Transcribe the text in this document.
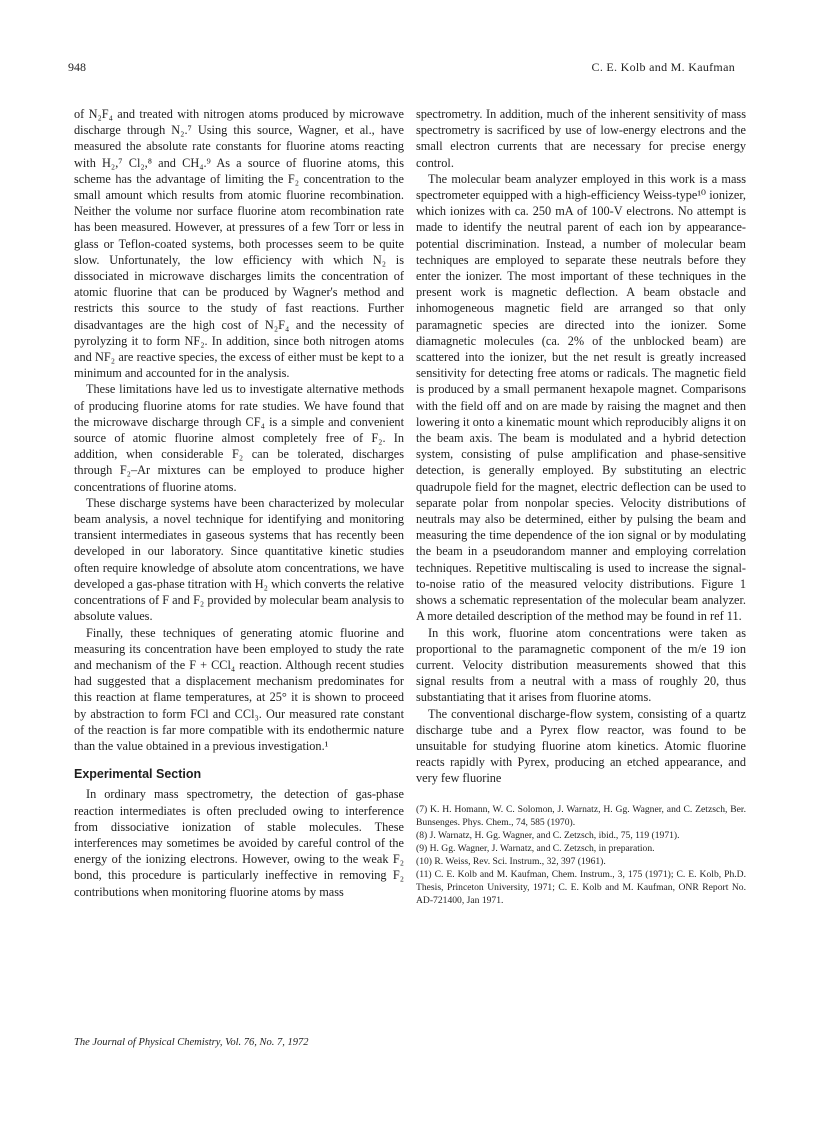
948	C. E. Kolb and M. Kaufman

of N₂F₄ and treated with nitrogen atoms produced by microwave discharge through N₂.⁷ Using this source, Wagner, et al., have measured the absolute rate constants for fluorine atoms reacting with H₂,⁷ Cl₂,⁸ and CH₄.⁹ As a source of fluorine atoms, this scheme has the advantage of limiting the F₂ concentration to the small amount which results from atomic fluorine recombination. Neither the volume nor surface fluorine atom recombination rate has been measured. However, at pressures of a few Torr or less in glass or Teflon-coated systems, both processes seem to be quite slow. Unfortunately, the low efficiency with which N₂ is dissociated in microwave discharges limits the concentration of atomic fluorine that can be produced by Wagner's method and restricts this source to the study of fast reactions. Further disadvantages are the high cost of N₂F₄ and the necessity of pyrolyzing it to form NF₂. In addition, since both nitrogen atoms and NF₂ are reactive species, the excess of either must be kept to a minimum and accounted for in the analysis.

These limitations have led us to investigate alternative methods of producing fluorine atoms for rate studies. We have found that the microwave discharge through CF₄ is a simple and convenient source of atomic fluorine almost completely free of F₂. In addition, when considerable F₂ can be tolerated, discharges through F₂–Ar mixtures can be employed to produce higher concentrations of fluorine atoms.

These discharge systems have been characterized by molecular beam analysis, a novel technique for identifying and monitoring transient intermediates in gaseous systems that has recently been developed in our laboratory. Since quantitative kinetic studies often require knowledge of absolute atom concentrations, we have developed a gas-phase titration with H₂ which converts the relative concentrations of F and F₂ provided by molecular beam analysis to absolute values.

Finally, these techniques of generating atomic fluorine and measuring its concentration have been employed to study the rate and mechanism of the F + CCl₄ reaction. Although recent studies had suggested that a displacement mechanism predominates for this reaction at flame temperatures, at 25° it is shown to proceed by abstraction to form FCl and CCl₃. Our measured rate constant of the reaction is far more compatible with its endothermic nature than the value obtained in a previous investigation.¹

Experimental Section

In ordinary mass spectrometry, the detection of gas-phase reaction intermediates is often precluded owing to interference from dissociative ionization of stable molecules. These interferences may sometimes be avoided by careful control of the energy of the ionizing electrons. However, owing to the weak F₂ bond, this procedure is particularly ineffective in removing F₂ contributions when monitoring fluorine atoms by mass

spectrometry. In addition, much of the inherent sensitivity of mass spectrometry is sacrificed by use of low-energy electrons and the small electron currents that are necessary for precise energy control.

The molecular beam analyzer employed in this work is a mass spectrometer equipped with a high-efficiency Weiss-type¹⁰ ionizer, which ionizes with ca. 250 mA of 100-V electrons. No attempt is made to identify the neutral parent of each ion by appearance-potential discrimination. Instead, a number of molecular beam techniques are employed to separate these neutrals before they enter the ionizer. The most important of these techniques in the present work is magnetic deflection. A beam obstacle and inhomogeneous magnetic field are arranged so that only paramagnetic species are directed into the ionizer. Some diamagnetic molecules (ca. 2% of the unblocked beam) are scattered into the ionizer, but the net result is greatly increased sensitivity for detecting free atoms or radicals. The magnetic field is produced by a small permanent hexapole magnet. Comparisons with the field off and on are made by raising the magnet and then lowering it onto a kinematic mount which reproducibly aligns it on the beam axis. The beam is modulated and a hybrid detection system, consisting of pulse amplification and phase-sensitive detection, is generally employed. By substituting an electric quadrupole field for the magnet, electric deflection can be used to separate polar from nonpolar species. Velocity distributions of neutrals may also be determined, either by pulsing the beam and measuring the time dependence of the ion signal or by modulating the beam in a pseudorandom manner and employing correlation techniques. Repetitive multiscaling is used to increase the signal-to-noise ratio of the measured velocity distributions. Figure 1 shows a schematic representation of the molecular beam analyzer. A more detailed description of the method may be found in ref 11.

In this work, fluorine atom concentrations were taken as proportional to the paramagnetic component of the m/e 19 ion current. Velocity distribution measurements showed that this signal results from a neutral with a mass of roughly 20, thus substantiating that it arises from fluorine atoms.

The conventional discharge-flow system, consisting of a quartz discharge tube and a Pyrex flow reactor, was found to be unsuitable for studying fluorine atom kinetics. Atomic fluorine reacts rapidly with Pyrex, producing an etched appearance, and very few fluorine

(7) K. H. Homann, W. C. Solomon, J. Warnatz, H. Gg. Wagner, and C. Zetzsch, Ber. Bunsenges. Phys. Chem., 74, 585 (1970).
(8) J. Warnatz, H. Gg. Wagner, and C. Zetzsch, ibid., 75, 119 (1971).
(9) H. Gg. Wagner, J. Warnatz, and C. Zetzsch, in preparation.
(10) R. Weiss, Rev. Sci. Instrum., 32, 397 (1961).
(11) C. E. Kolb and M. Kaufman, Chem. Instrum., 3, 175 (1971); C. E. Kolb, Ph.D. Thesis, Princeton University, 1971; C. E. Kolb and M. Kaufman, ONR Report No. AD-721400, Jan 1971.
The Journal of Physical Chemistry, Vol. 76, No. 7, 1972
